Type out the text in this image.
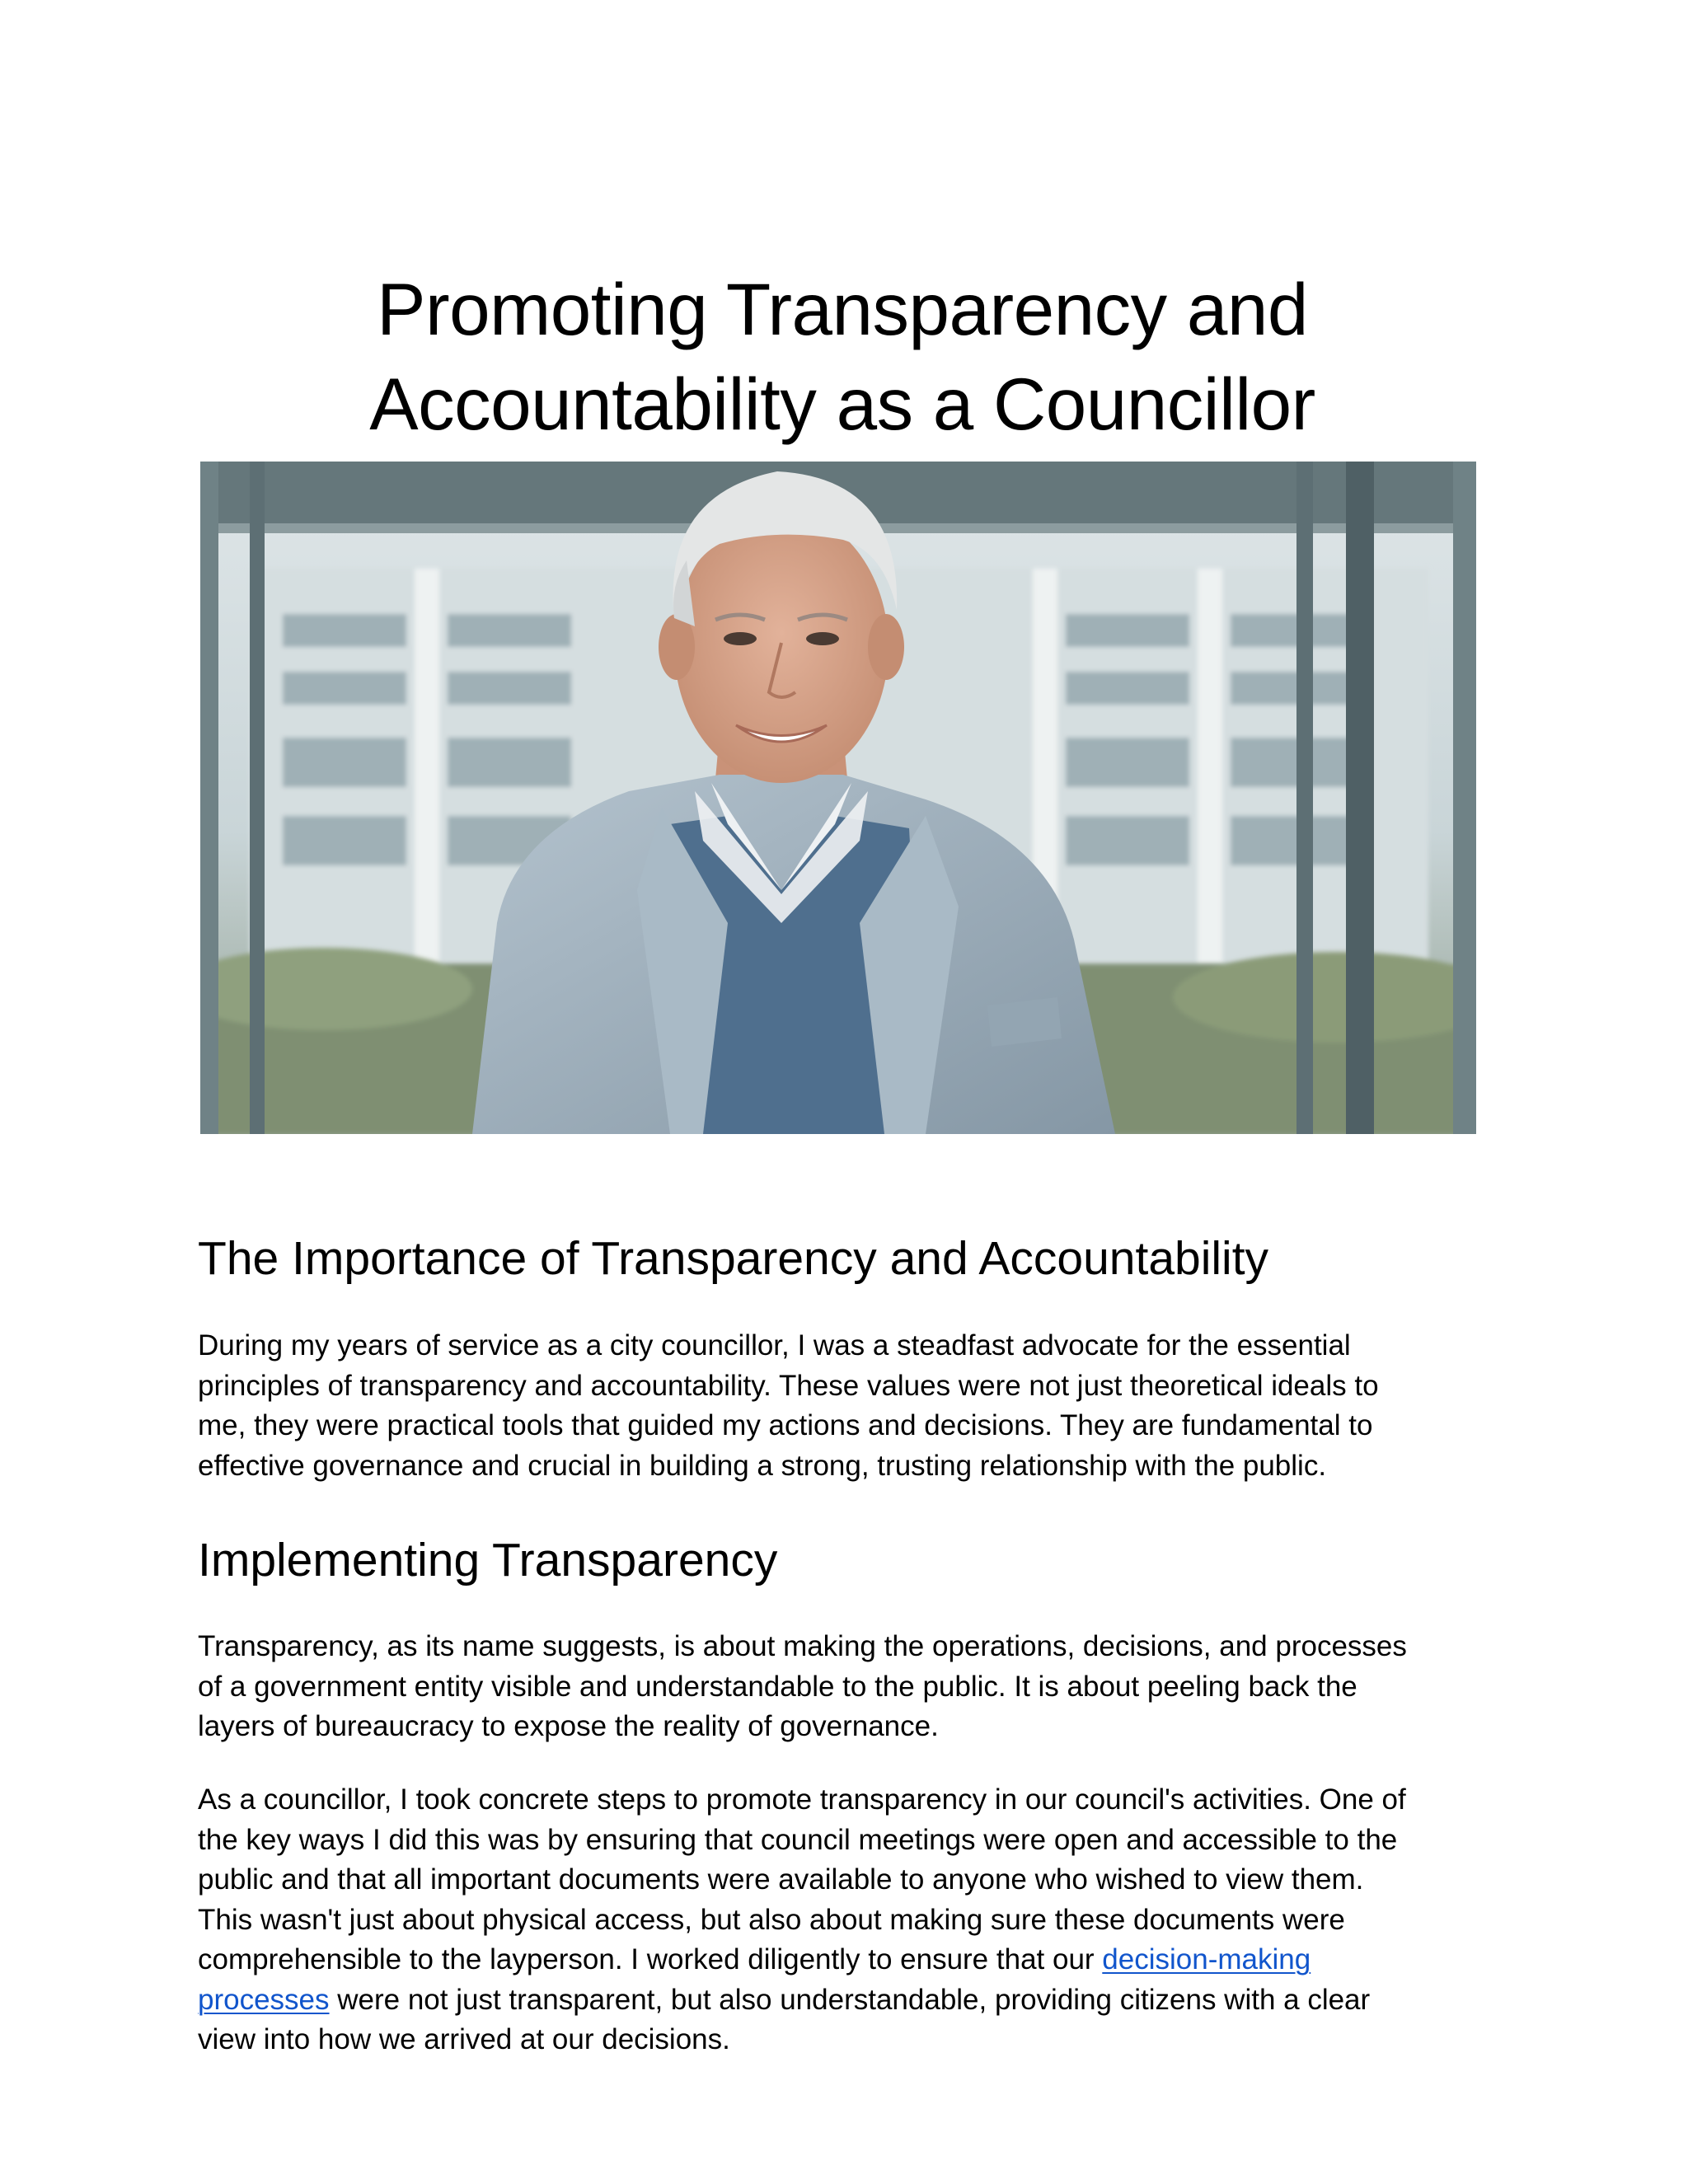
Promoting Transparency and
Accountability as a Councillor
The Importance of Transparency and Accountability

During my years of service as a city councillor, I was a steadfast advocate for the essential
principles of transparency and accountability. These values were not just theoretical ideals to
me, they were practical tools that guided my actions and decisions. They are fundamental to
effective governance and crucial in building a strong, trusting relationship with the public.

Implementing Transparency

Transparency, as its name suggests, is about making the operations, decisions, and processes
of a government entity visible and understandable to the public. It is about peeling back the
layers of bureaucracy to expose the reality of governance.

As a councillor, I took concrete steps to promote transparency in our council's activities. One of
the key ways I did this was by ensuring that council meetings were open and accessible to the
public and that all important documents were available to anyone who wished to view them.
This wasn't just about physical access, but also about making sure these documents were
comprehensible to the layperson. I worked diligently to ensure that our decision-making
processes were not just transparent, but also understandable, providing citizens with a clear
view into how we arrived at our decisions.
